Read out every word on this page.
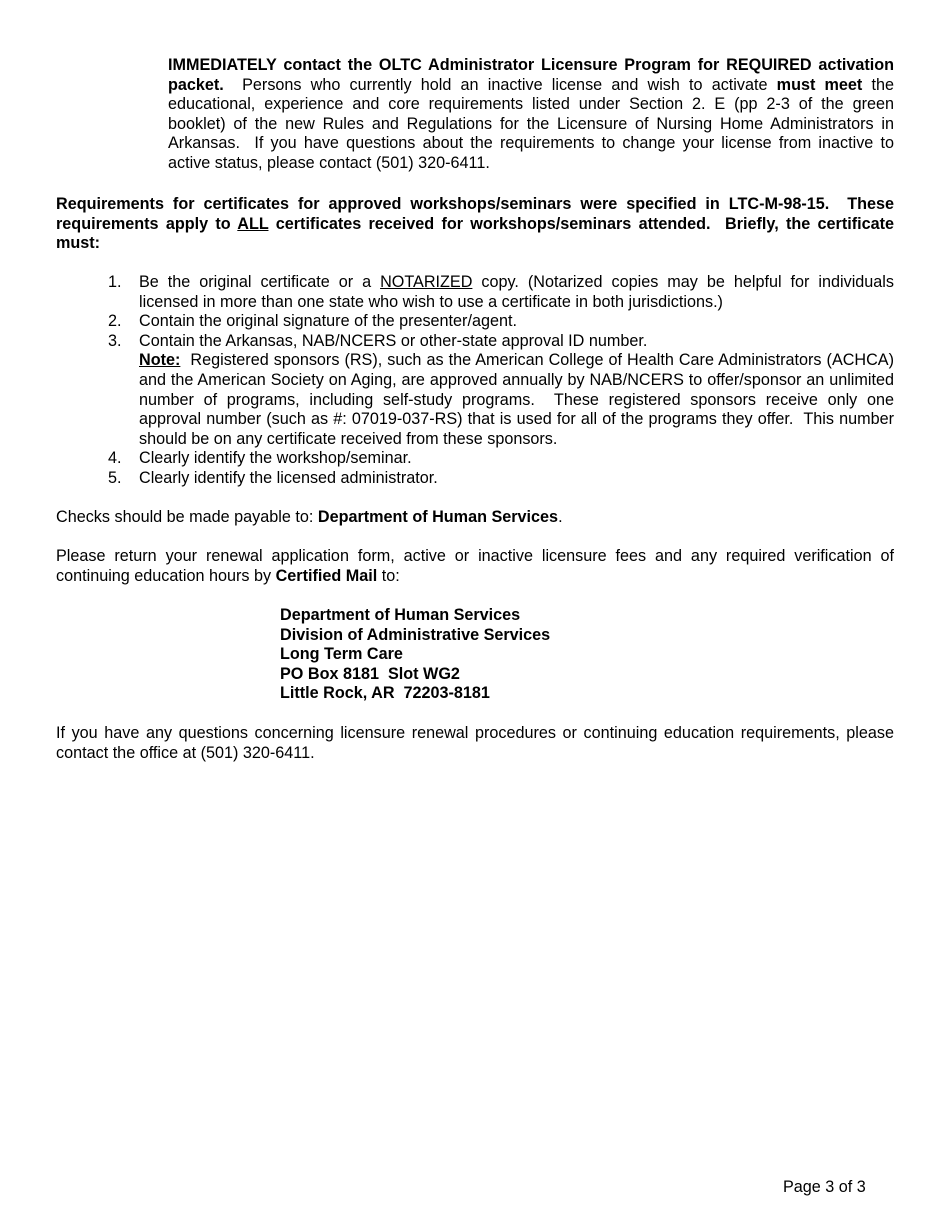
IMMEDIATELY contact the OLTC Administrator Licensure Program for REQUIRED activation packet.  Persons who currently hold an inactive license and wish to activate must meet the educational, experience and core requirements listed under Section 2. E (pp 2-3 of the green booklet) of the new Rules and Regulations for the Licensure of Nursing Home Administrators in Arkansas.  If you have questions about the requirements to change your license from inactive to active status, please contact (501) 320-6411.
Requirements for certificates for approved workshops/seminars were specified in LTC-M-98-15.  These requirements apply to ALL certificates received for workshops/seminars attended.  Briefly, the certificate must:
1.	Be the original certificate or a NOTARIZED copy. (Notarized copies may be helpful for individuals licensed in more than one state who wish to use a certificate in both jurisdictions.)
2.	Contain the original signature of the presenter/agent.
3.	Contain the Arkansas, NAB/NCERS or other-state approval ID number.
Note:  Registered sponsors (RS), such as the American College of Health Care Administrators (ACHCA) and the American Society on Aging, are approved annually by NAB/NCERS to offer/sponsor an unlimited number of programs, including self-study programs.  These registered sponsors receive only one approval number (such as #: 07019-037-RS) that is used for all of the programs they offer.  This number should be on any certificate received from these sponsors.
4.	Clearly identify the workshop/seminar.
5.	Clearly identify the licensed administrator.
Checks should be made payable to: Department of Human Services.
Please return your renewal application form, active or inactive licensure fees and any required verification of continuing education hours by Certified Mail to:
Department of Human Services
Division of Administrative Services
Long Term Care
PO Box 8181  Slot WG2
Little Rock, AR  72203-8181
If you have any questions concerning licensure renewal procedures or continuing education requirements, please contact the office at (501) 320-6411.
Page 3 of 3
